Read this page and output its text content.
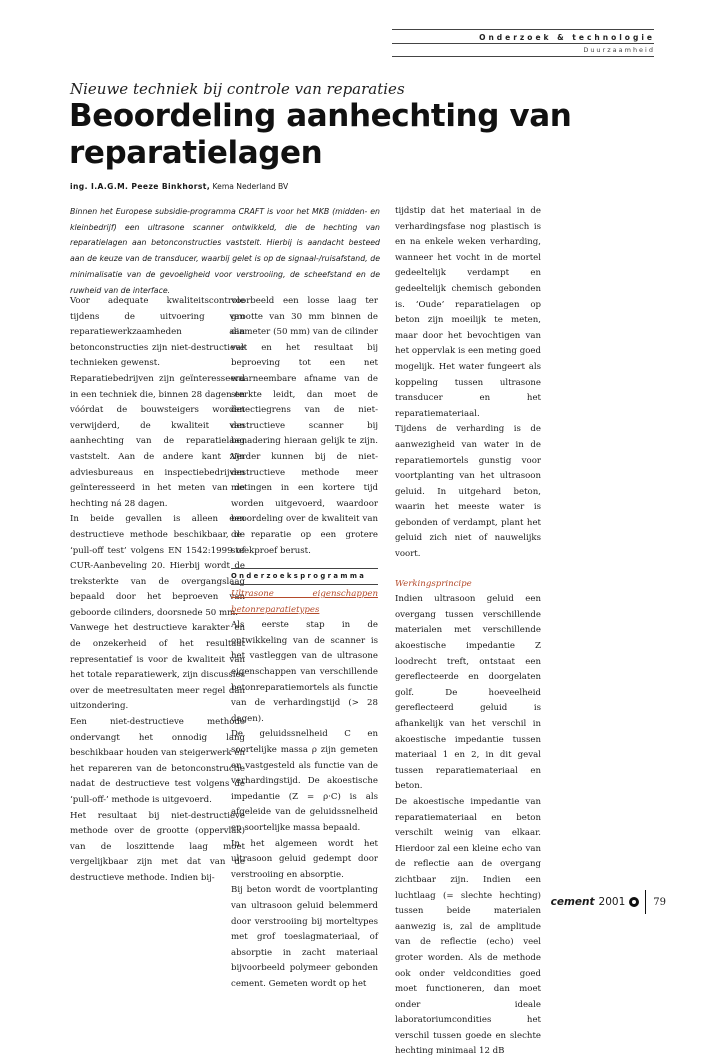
Onderzoek & technologie
Duurzaamheid
Nieuwe techniek bij controle van reparaties
Beoordeling aanhechting van reparatielagen
ing. I.A.G.M. Peeze Binkhorst, Kema Nederland BV
Binnen het Europese subsidie-programma CRAFT is voor het MKB (midden- en kleinbedrijf) een ultrasone scanner ontwikkeld, die de hechting van reparatielagen aan betonconstructies vaststelt. Hierbij is aandacht besteed aan de keuze van de transducer, waarbij gelet is op de signaal-/ruisafstand, de minimalisatie van de gevoeligheid voor verstrooiing, de scheefstand en de ruwheid van de interface.

Voor adequate kwaliteitscontrole tijdens de uitvoering van reparatiewerkzaamheden aan betonconstructies zijn niet-destructieve technieken gewenst.

Reparatiebedrijven zijn geïnteresseerd in een techniek die, binnen 28 dagen en vóórdat de bouwsteigers worden verwijderd, de kwaliteit van aanhechting van de reparatielaag vaststelt. Aan de andere kant zijn adviesbureaus en inspectiebedrijven geïnteresseerd in het meten van de hechting ná 28 dagen.

In beide gevallen is alleen een destructieve methode beschikbaar, de ‘pull-off test’ volgens EN 1542:1999 of CUR-Aanbeveling 20. Hierbij wordt de treksterkte van de overgangslaag bepaald door het beproeven van geboorde cilinders, doorsnede 50 mm.

Vanwege het destructieve karakter en de onzekerheid of het resultaat representatief is voor de kwaliteit van het totale reparatiewerk, zijn discussies over de meetresultaten meer regel dan uitzondering.

Een niet-destructieve methode ondervangt het onnodig lang beschikbaar houden van steigerwerk én het repareren van de betonconstructie nadat de destructieve test volgens de ‘pull-off-’ methode is uitgevoerd.

Het resultaat bij niet-destructieve methode over de grootte (oppervlak) van de loszittende laag moet vergelijkbaar zijn met dat van de destructieve methode. Indien bij-

voorbeeld een losse laag ter grootte van 30 mm binnen de diameter (50 mm) van de cilinder valt en het resultaat bij beproeving tot een net waarneembare afname van de sterkte leidt, dan moet de detectiegrens van de niet-destructieve scanner bij benadering hieraan gelijk te zijn. Verder kunnen bij de niet-destructieve methode meer metingen in een kortere tijd worden uitgevoerd, waardoor beoordeling over de kwaliteit van de reparatie op een grotere steekproef berust.

Onderzoeksprogramma

Ultrasone eigenschappen betonreparatietypes

Als eerste stap in de ontwikkeling van de scanner is het vastleggen van de ultrasone eigenschappen van verschillende betonreparatiemortels als functie van de verhardingstijd (> 28 dagen).

De geluidssnelheid C en soortelijke massa ρ zijn gemeten en vastgesteld als functie van de verhardingstijd. De akoestische impedantie (Z = ρ·C) is als afgeleide van de geluidssnelheid en soortelijke massa bepaald.

In het algemeen wordt het ultrasoon geluid gedempt door verstrooiing en absorptie.

Bij beton wordt de voortplanting van ultrasoon geluid belemmerd door verstrooiing bij morteltypes met grof toeslagmateriaal, of absorptie in zacht materiaal bijvoorbeeld polymeer gebonden cement. Gemeten wordt op het

tijdstip dat het materiaal in de verhardingsfase nog plastisch is en na enkele weken verharding, wanneer het vocht in de mortel gedeeltelijk verdampt en gedeeltelijk chemisch gebonden is. ‘Oude’ reparatielagen op beton zijn moeilijk te meten, maar door het bevochtigen van het oppervlak is een meting goed mogelijk. Het water fungeert als koppeling tussen ultrasone transducer en het reparatiemateriaal.

Tijdens de verharding is de aanwezigheid van water in de reparatiemortels gunstig voor voortplanting van het ultrasoon geluid. In uitgehard beton, waarin het meeste water is gebonden of verdampt, plant het geluid zich niet of nauwelijks voort.

Werkingsprincipe

Indien ultrasoon geluid een overgang tussen verschillende materialen met verschillende akoestische impedantie Z loodrecht treft, ontstaat een gereflecteerde en doorgelaten golf. De hoeveelheid gereflecteerd geluid is afhankelijk van het verschil in akoestische impedantie tussen materiaal 1 en 2, in dit geval tussen reparatiemateriaal en beton.

De akoestische impedantie van reparatiemateriaal en beton verschilt weinig van elkaar. Hierdoor zal een kleine echo van de reflectie aan de overgang zichtbaar zijn. Indien een luchtlaag (= slechte hechting) tussen beide materialen aanwezig is, zal de amplitude van de reflectie (echo) veel groter worden. Als de methode ook onder veldcondities goed moet functioneren, dan moet onder ideale laboratoriumcondities het verschil tussen goede en slechte hechting minimaal 12 dB

cement 2001	79
